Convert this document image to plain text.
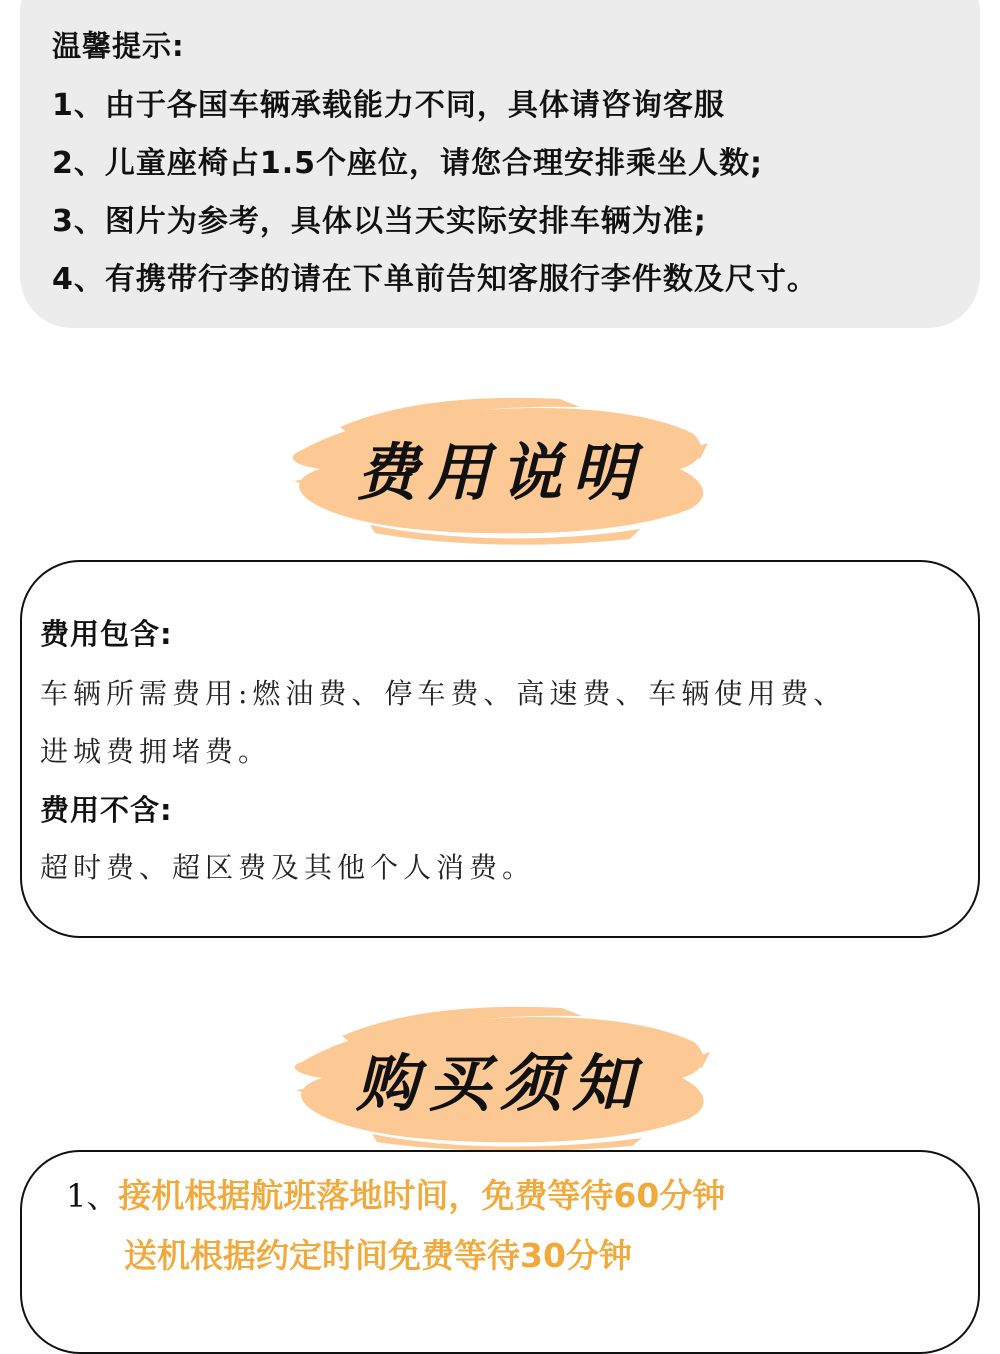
温馨提示:
1、由于各国车辆承载能力不同，具体请咨询客服
2、儿童座椅占1.5个座位，请您合理安排乘坐人数;
3、图片为参考，具体以当天实际安排车辆为准;
4、有携带行李的请在下单前告知客服行李件数及尺寸。
费用说明
费用包含:
车辆所需费用:燃油费、停车费、高速费、车辆使用费、
进城费拥堵费。
费用不含:
超时费、超区费及其他个人消费。
购买须知
1、接机根据航班落地时间，免费等待60分钟
送机根据约定时间免费等待30分钟
